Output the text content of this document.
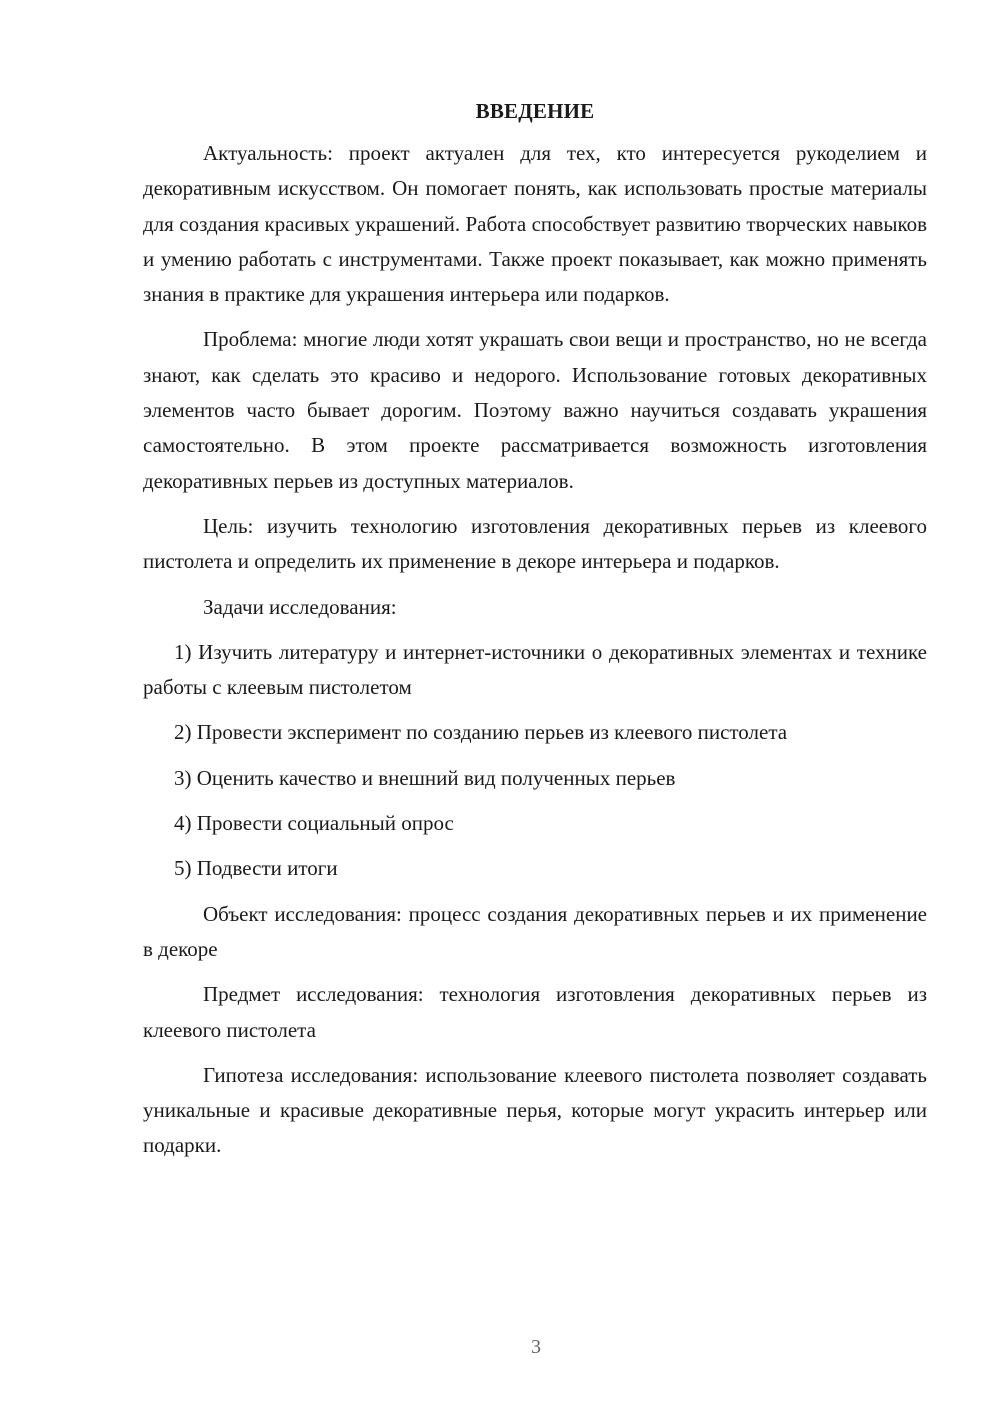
ВВЕДЕНИЕ

Актуальность: проект актуален для тех, кто интересуется рукоделием и декоративным искусством. Он помогает понять, как использовать простые материалы для создания красивых украшений. Работа способствует развитию творческих навыков и умению работать с инструментами. Также проект показывает, как можно применять знания в практике для украшения интерьера или подарков.

Проблема: многие люди хотят украшать свои вещи и пространство, но не всегда знают, как сделать это красиво и недорого. Использование готовых декоративных элементов часто бывает дорогим. Поэтому важно научиться создавать украшения самостоятельно. В этом проекте рассматривается возможность изготовления декоративных перьев из доступных материалов.

Цель: изучить технологию изготовления декоративных перьев из клеевого пистолета и определить их применение в декоре интерьера и подарков.

Задачи исследования:

1) Изучить литературу и интернет-источники о декоративных элементах и технике работы с клеевым пистолетом

2) Провести эксперимент по созданию перьев из клеевого пистолета

3) Оценить качество и внешний вид полученных перьев

4) Провести социальный опрос

5) Подвести итоги

Объект исследования: процесс создания декоративных перьев и их применение в декоре

Предмет исследования: технология изготовления декоративных перьев из клеевого пистолета

Гипотеза исследования: использование клеевого пистолета позволяет создавать уникальные и красивые декоративные перья, которые могут украсить интерьер или подарки.

3
